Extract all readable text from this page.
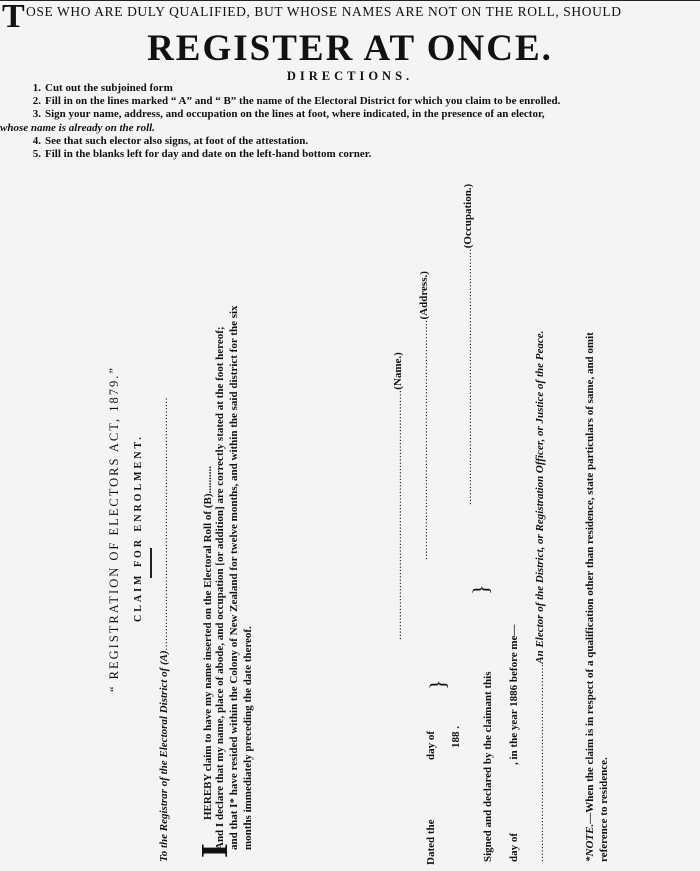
T OSE WHO ARE DULY QUALIFIED, BUT WHOSE NAMES ARE NOT ON THE ROLL, SHOULD
REGISTER AT ONCE.
DIRECTIONS.
1. Cut out the subjoined form
2. Fill in on the lines marked “ A” and “ B” the name of the Electoral District for which you claim to be enrolled.
3. Sign your name, address, and occupation on the lines at foot, where indicated, in the presence of an elector,
whose name is already on the roll.
4. See that such elector also signs, at foot of the attestation.
5. Fill in the blanks left for day and date on the left-hand bottom corner.
“ REGISTRATION OF ELECTORS ACT, 1879.” CLAIM FOR ENROLMENT.
To the Registrar of the Electoral District of (A)..............................................................................
I
HEREBY claim to have my name inserted on the Electoral Roll of (B).......... And I declare that my name, place of abode, and occupation [or addition] are correctly stated at the foot hereof; and that I* have resided within the Colony of New Zealand for twelve months, and within the said district for the six months immediately preceding the date thereof.
.............................................................................(Name.) ..........................................................................(Address.)	...............................................................................(Occupation.)
Dated the
day of 188 .
}
}
Signed and declared by the claimant this day of
, in the year 1886 before me— .............................................................An Elector of the District, or Registration Officer, or Justice of the Peace.
*NOTE.—When the claim is in respect of a qualification other than residence, state particulars of same, and omit reference to residence.
